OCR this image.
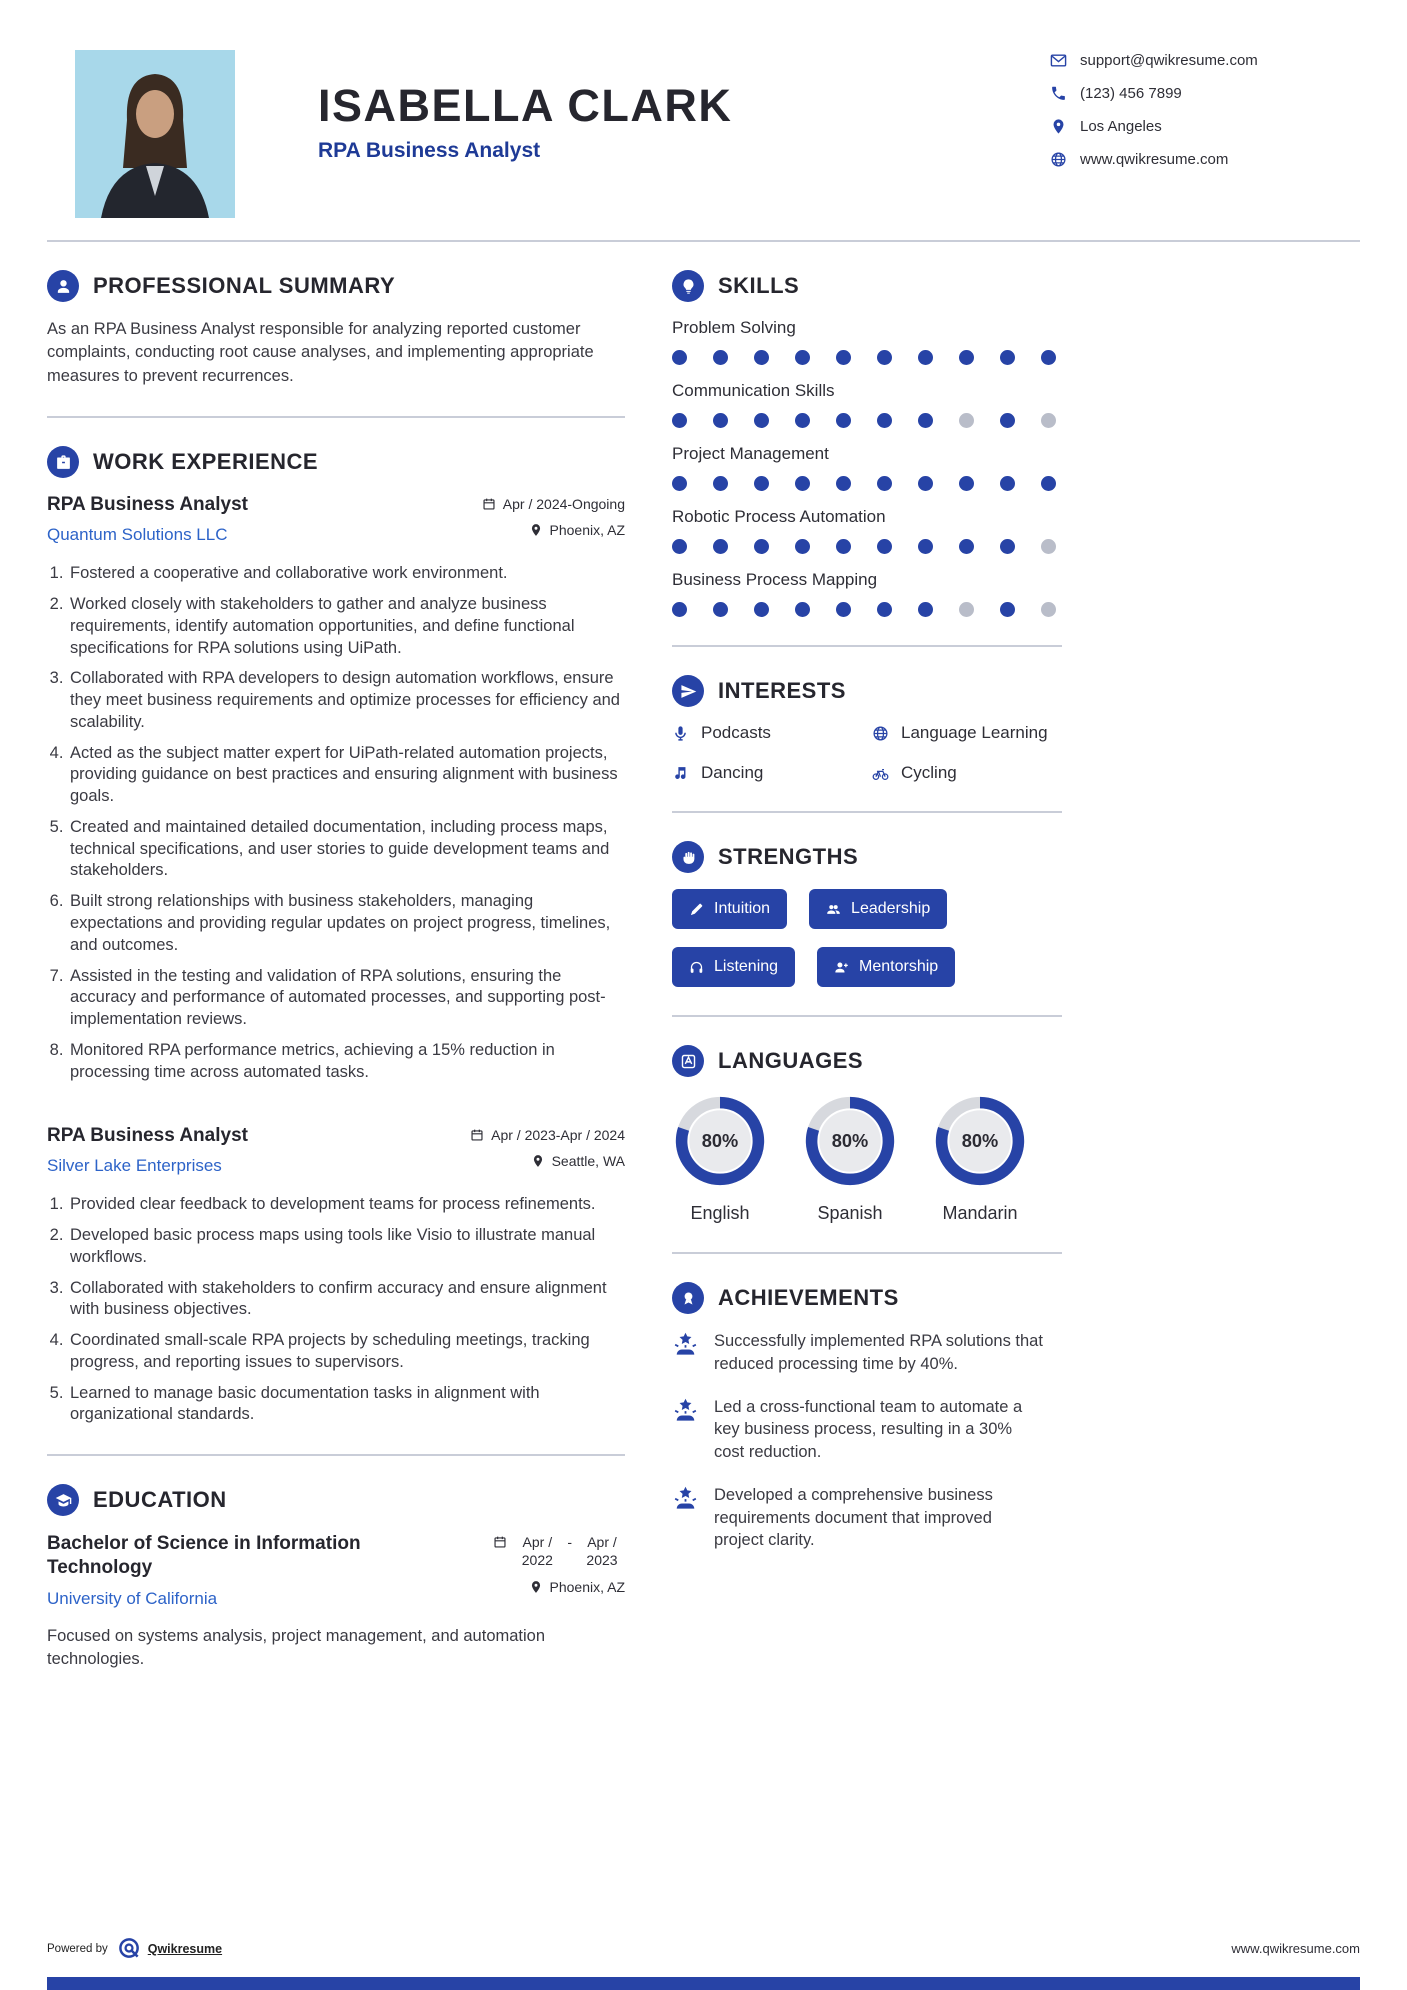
ISABELLA CLARK
RPA Business Analyst
support@qwikresume.com
(123) 456 7899
Los Angeles
www.qwikresume.com
PROFESSIONAL SUMMARY

As an RPA Business Analyst responsible for analyzing reported customer complaints, conducting root cause analyses, and implementing appropriate measures to prevent recurrences.

WORK EXPERIENCE
RPA Business Analyst
Quantum Solutions LLC
Apr / 2024-Ongoing
Phoenix, AZ
1. Fostered a cooperative and collaborative work environment.
2. Worked closely with stakeholders to gather and analyze business requirements, identify automation opportunities, and define functional specifications for RPA solutions using UiPath.
3. Collaborated with RPA developers to design automation workflows, ensure they meet business requirements and optimize processes for efficiency and scalability.
4. Acted as the subject matter expert for UiPath-related automation projects, providing guidance on best practices and ensuring alignment with business goals.
5. Created and maintained detailed documentation, including process maps, technical specifications, and user stories to guide development teams and stakeholders.
6. Built strong relationships with business stakeholders, managing expectations and providing regular updates on project progress, timelines, and outcomes.
7. Assisted in the testing and validation of RPA solutions, ensuring the accuracy and performance of automated processes, and supporting post-implementation reviews.
8. Monitored RPA performance metrics, achieving a 15% reduction in processing time across automated tasks.
RPA Business Analyst
Silver Lake Enterprises
Apr / 2023-Apr / 2024
Seattle, WA
1. Provided clear feedback to development teams for process refinements.
2. Developed basic process maps using tools like Visio to illustrate manual workflows.
3. Collaborated with stakeholders to confirm accuracy and ensure alignment with business objectives.
4. Coordinated small-scale RPA projects by scheduling meetings, tracking progress, and reporting issues to supervisors.
5. Learned to manage basic documentation tasks in alignment with organizational standards.
EDUCATION
Bachelor of Science in Information Technology
University of California
Apr / 2022
-	Apr / 2023
Phoenix, AZ

Focused on systems analysis, project management, and automation technologies.

SKILLS
Problem Solving
Communication Skills
Project Management
Robotic Process Automation
Business Process Mapping
INTERESTS
Podcasts	Language Learning
Dancing	Cycling
STRENGTHS
Intuition	Leadership
Listening	Mentorship
LANGUAGES
80%
English
80%
Spanish
80%
Mandarin
ACHIEVEMENTS

Successfully implemented RPA solutions that reduced processing time by 40%.

Led a cross-functional team to automate a key business process, resulting in a 30% cost reduction.

Developed a comprehensive business requirements document that improved project clarity.

Powered by	Qwikresume	www.qwikresume.com
